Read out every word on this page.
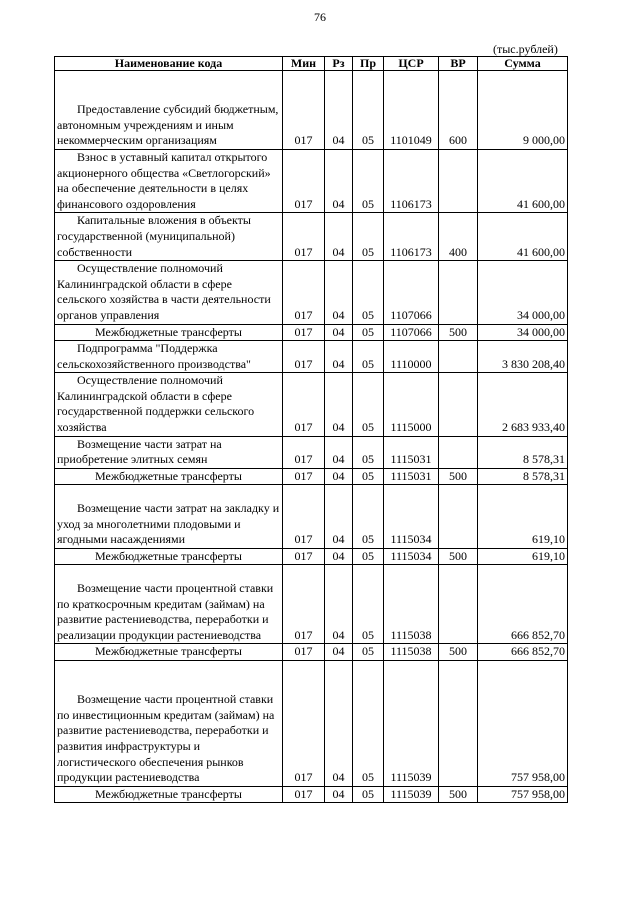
76
(тыс.рублей)
Наименование кода	Мин	Рз	Пр	ЦСР	ВР	Сумма

Предоставление субсидий бюджетным, автономным учреждениям и иным некоммерческим организациям	017	04	05	1101049	600	9 000,00

Взнос в уставный капитал открытого акционерного общества «Светлогорский» на обеспечение деятельности в целях финансового оздоровления	017	04	05	1106173		41 600,00

Капитальные вложения в объекты государственной (муниципальной) собственности	017	04	05	1106173	400	41 600,00

Осуществление полномочий Калининградской области в сфере сельского хозяйства в части деятельности органов управления	017	04	05	1107066		34 000,00

Межбюджетные трансферты	017	04	05	1107066	500	34 000,00

Подпрограмма "Поддержка сельскохозяйственного производства"	017	04	05	1110000		3 830 208,40

Осуществление полномочий Калининградской области в сфере государственной поддержки сельского хозяйства	017	04	05	1115000		2 683 933,40

Возмещение части затрат на приобретение элитных семян	017	04	05	1115031		8 578,31

Межбюджетные трансферты	017	04	05	1115031	500	8 578,31

Возмещение части затрат на закладку и уход за многолетними плодовыми и ягодными насаждениями	017	04	05	1115034		619,10

Межбюджетные трансферты	017	04	05	1115034	500	619,10

Возмещение части процентной ставки по краткосрочным кредитам (займам) на развитие растениеводства, переработки и реализации продукции растениеводства	017	04	05	1115038		666 852,70

Межбюджетные трансферты	017	04	05	1115038	500	666 852,70

Возмещение части процентной ставки по инвестиционным кредитам (займам) на развитие растениеводства, переработки и развития инфраструктуры и логистического обеспечения рынков продукции растениеводства	017	04	05	1115039		757 958,00

Межбюджетные трансферты	017	04	05	1115039	500	757 958,00
